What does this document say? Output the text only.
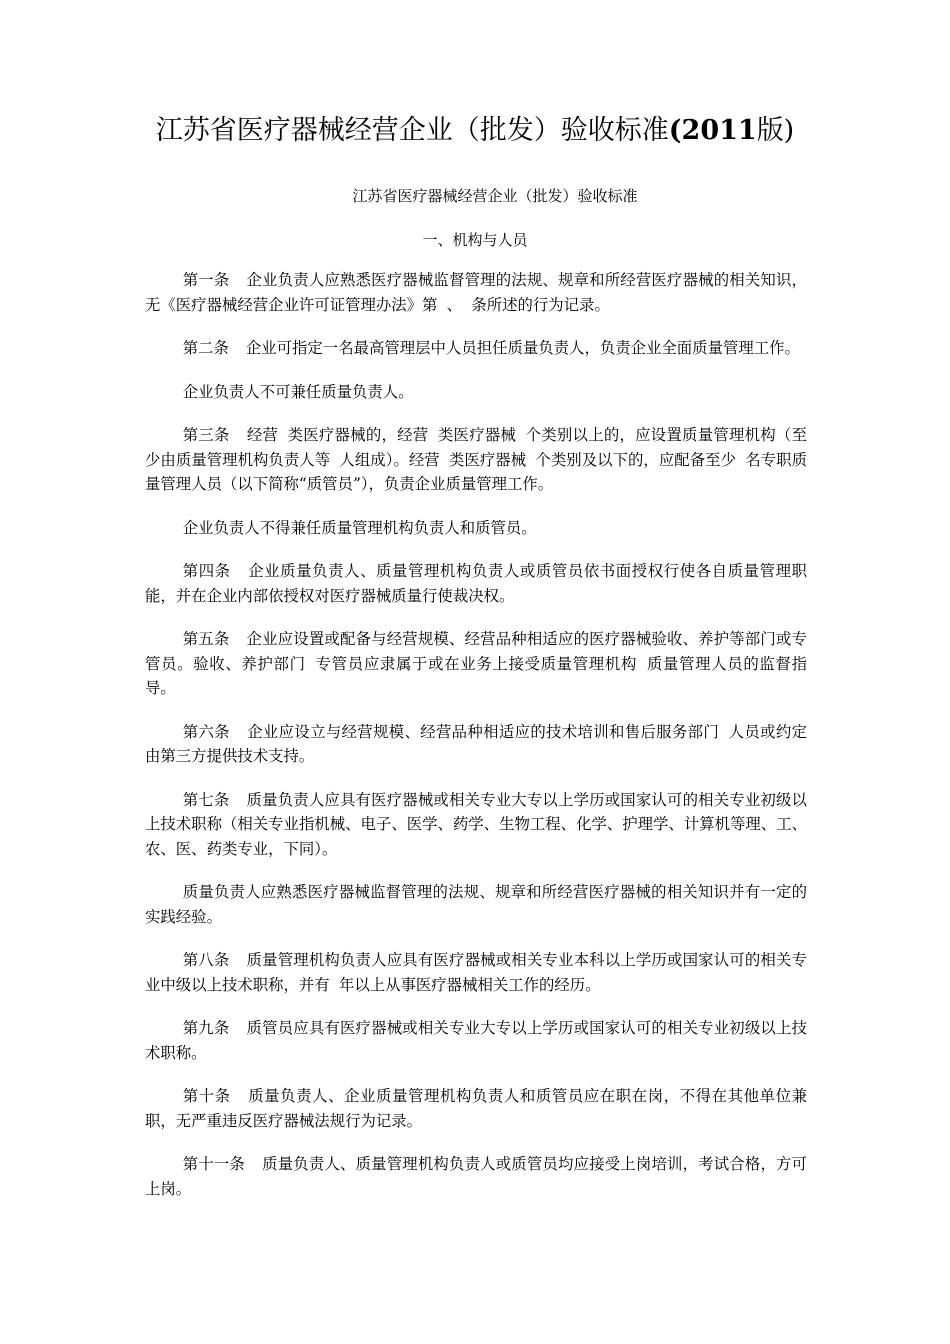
江苏省医疗器械经营企业（批发）验收标准(2011版)
江苏省医疗器械经营企业（批发）验收标准
一、机构与人员

第一条 企业负责人应熟悉医疗器械监督管理的法规、规章和所经营医疗器械的相关知识，无《医疗器械经营企业许可证管理办法》第 、 条所述的行为记录。

第二条 企业可指定一名最高管理层中人员担任质量负责人，负责企业全面质量管理工作。

企业负责人不可兼任质量负责人。

第三条 经营 类医疗器械的，经营 类医疗器械 个类别以上的，应设置质量管理机构（至少由质量管理机构负责人等 人组成）。经营 类医疗器械 个类别及以下的，应配备至少 名专职质量管理人员（以下简称“质管员”），负责企业质量管理工作。

企业负责人不得兼任质量管理机构负责人和质管员。

第四条 企业质量负责人、质量管理机构负责人或质管员依书面授权行使各自质量管理职能，并在企业内部依授权对医疗器械质量行使裁决权。

第五条 企业应设置或配备与经营规模、经营品种相适应的医疗器械验收、养护等部门或专管员。验收、养护部门 专管员应隶属于或在业务上接受质量管理机构 质量管理人员的监督指导。

第六条 企业应设立与经营规模、经营品种相适应的技术培训和售后服务部门 人员或约定由第三方提供技术支持。

第七条 质量负责人应具有医疗器械或相关专业大专以上学历或国家认可的相关专业初级以上技术职称（相关专业指机械、电子、医学、药学、生物工程、化学、护理学、计算机等理、工、农、医、药类专业，下同）。

质量负责人应熟悉医疗器械监督管理的法规、规章和所经营医疗器械的相关知识并有一定的实践经验。

第八条 质量管理机构负责人应具有医疗器械或相关专业本科以上学历或国家认可的相关专业中级以上技术职称，并有 年以上从事医疗器械相关工作的经历。

第九条 质管员应具有医疗器械或相关专业大专以上学历或国家认可的相关专业初级以上技术职称。

第十条 质量负责人、企业质量管理机构负责人和质管员应在职在岗，不得在其他单位兼职，无严重违反医疗器械法规行为记录。

第十一条 质量负责人、质量管理机构负责人或质管员均应接受上岗培训，考试合格，方可上岗。
